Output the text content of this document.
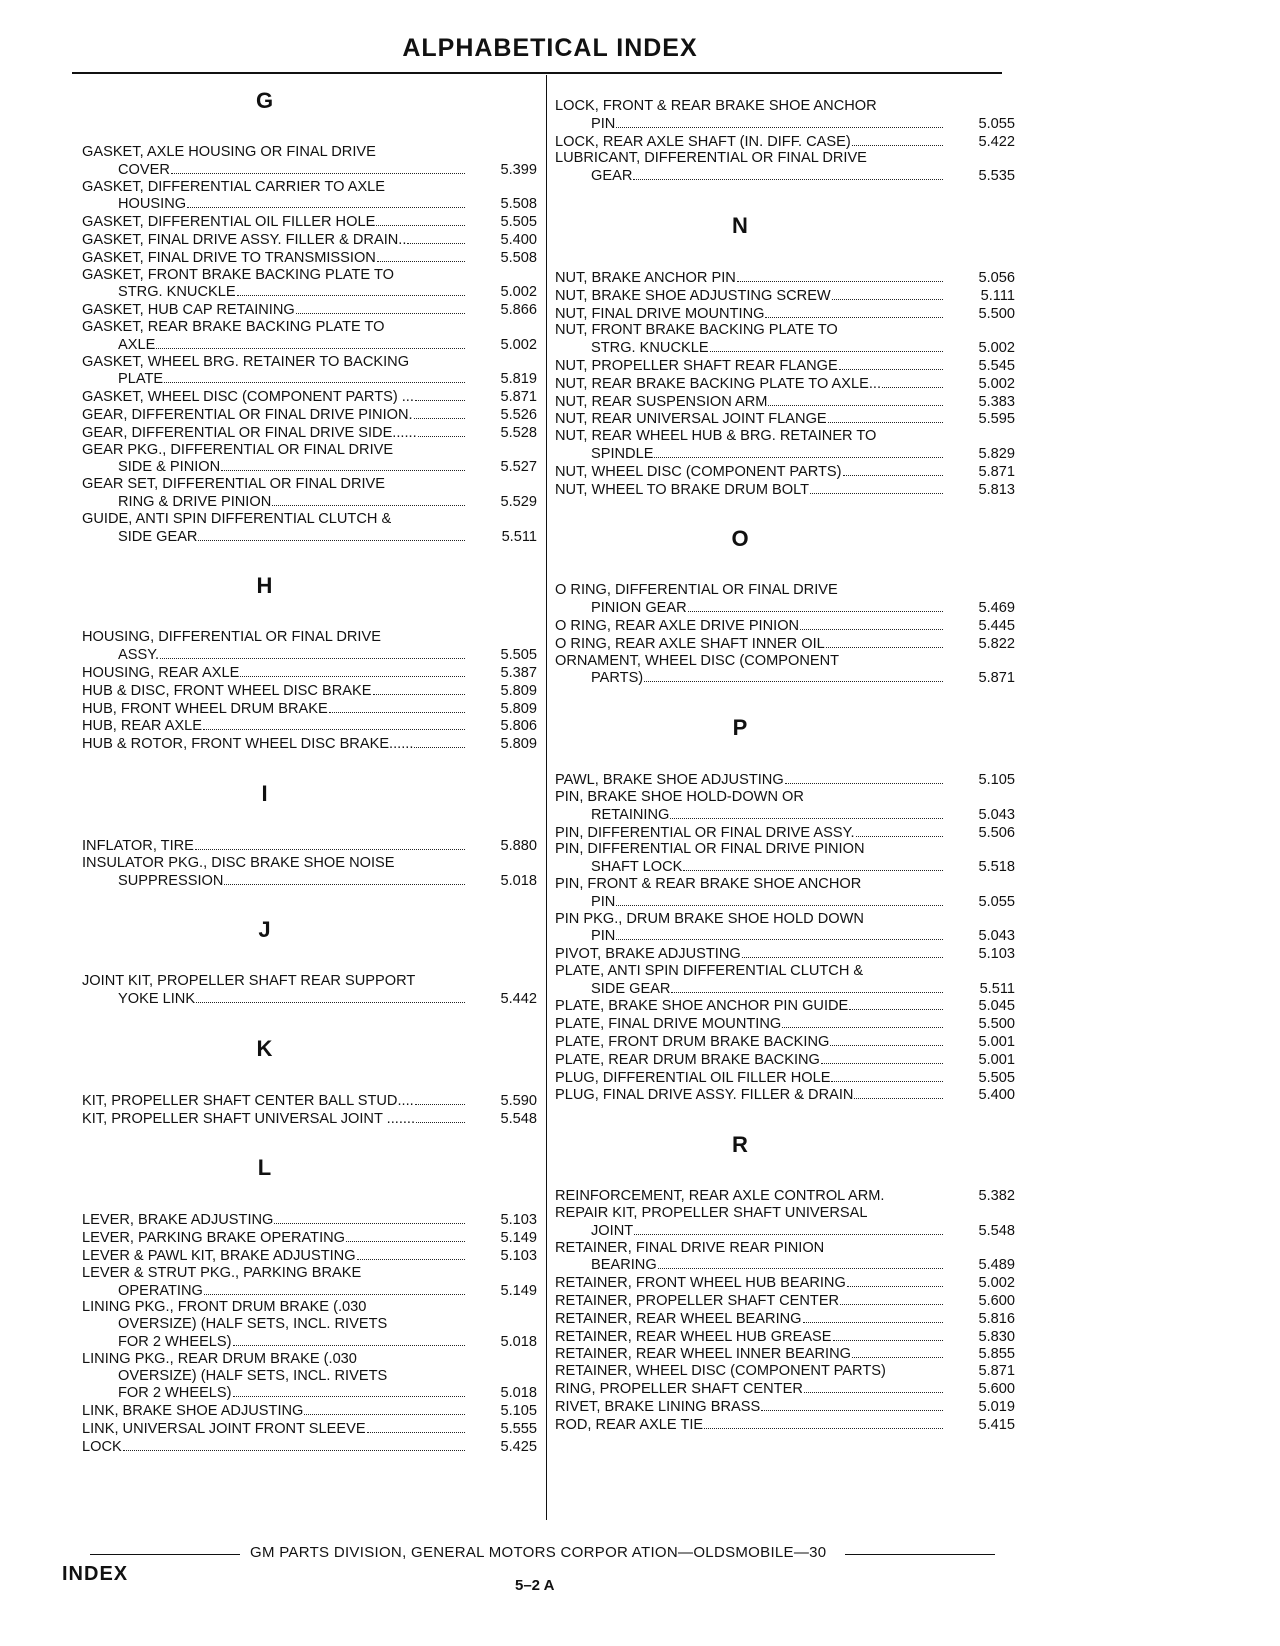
ALPHABETICAL INDEX
G
GASKET, AXLE HOUSING OR FINAL DRIVE
COVER	5.399
GASKET, DIFFERENTIAL CARRIER TO AXLE
HOUSING	5.508
GASKET, DIFFERENTIAL OIL FILLER HOLE	5.505
GASKET, FINAL DRIVE ASSY. FILLER & DRAIN..	5.400
GASKET, FINAL DRIVE TO TRANSMISSION	5.508
GASKET, FRONT BRAKE BACKING PLATE TO
STRG. KNUCKLE	5.002
GASKET, HUB CAP RETAINING	5.866
GASKET, REAR BRAKE BACKING PLATE TO
AXLE	5.002
GASKET, WHEEL BRG. RETAINER TO BACKING
PLATE	5.819
GASKET, WHEEL DISC (COMPONENT PARTS) ...	5.871
GEAR, DIFFERENTIAL OR FINAL DRIVE PINION.	5.526
GEAR, DIFFERENTIAL OR FINAL DRIVE SIDE......	5.528
GEAR PKG., DIFFERENTIAL OR FINAL DRIVE
SIDE & PINION	5.527
GEAR SET, DIFFERENTIAL OR FINAL DRIVE
RING & DRIVE PINION	5.529
GUIDE, ANTI SPIN DIFFERENTIAL CLUTCH &
SIDE GEAR	5.511
H
HOUSING, DIFFERENTIAL OR FINAL DRIVE
ASSY.	5.505
HOUSING, REAR AXLE	5.387
HUB & DISC, FRONT WHEEL DISC BRAKE	5.809
HUB, FRONT WHEEL DRUM BRAKE	5.809
HUB, REAR AXLE	5.806
HUB & ROTOR, FRONT WHEEL DISC BRAKE......	5.809
I
INFLATOR, TIRE	5.880
INSULATOR PKG., DISC BRAKE SHOE NOISE
SUPPRESSION	5.018
J
JOINT KIT, PROPELLER SHAFT REAR SUPPORT
YOKE LINK	5.442
K
KIT, PROPELLER SHAFT CENTER BALL STUD....	5.590
KIT, PROPELLER SHAFT UNIVERSAL JOINT .......	5.548
L
LEVER, BRAKE ADJUSTING	5.103
LEVER, PARKING BRAKE OPERATING	5.149
LEVER & PAWL KIT, BRAKE ADJUSTING	5.103
LEVER & STRUT PKG., PARKING BRAKE
OPERATING	5.149
LINING PKG., FRONT DRUM BRAKE (.030
OVERSIZE) (HALF SETS, INCL. RIVETS
FOR 2 WHEELS)	5.018
LINING PKG., REAR DRUM BRAKE (.030
OVERSIZE) (HALF SETS, INCL. RIVETS
FOR 2 WHEELS)	5.018
LINK, BRAKE SHOE ADJUSTING	5.105
LINK, UNIVERSAL JOINT FRONT SLEEVE	5.555
LOCK	5.425
LOCK, FRONT & REAR BRAKE SHOE ANCHOR
PIN	5.055
LOCK, REAR AXLE SHAFT (IN. DIFF. CASE)	5.422
LUBRICANT, DIFFERENTIAL OR FINAL DRIVE
GEAR	5.535
N
NUT, BRAKE ANCHOR PIN	5.056
NUT, BRAKE SHOE ADJUSTING SCREW	5.111
NUT, FINAL DRIVE MOUNTING	5.500
NUT, FRONT BRAKE BACKING PLATE TO
STRG. KNUCKLE	5.002
NUT, PROPELLER SHAFT REAR FLANGE	5.545
NUT, REAR BRAKE BACKING PLATE TO AXLE...	5.002
NUT, REAR SUSPENSION ARM	5.383
NUT, REAR UNIVERSAL JOINT FLANGE	5.595
NUT, REAR WHEEL HUB & BRG. RETAINER TO
SPINDLE	5.829
NUT, WHEEL DISC (COMPONENT PARTS)	5.871
NUT, WHEEL TO BRAKE DRUM BOLT	5.813
O
O RING, DIFFERENTIAL OR FINAL DRIVE
PINION GEAR	5.469
O RING, REAR AXLE DRIVE PINION	5.445
O RING, REAR AXLE SHAFT INNER OIL	5.822
ORNAMENT, WHEEL DISC (COMPONENT
PARTS)	5.871
P
PAWL, BRAKE SHOE ADJUSTING	5.105
PIN, BRAKE SHOE HOLD-DOWN OR
RETAINING	5.043
PIN, DIFFERENTIAL OR FINAL DRIVE ASSY.	5.506
PIN, DIFFERENTIAL OR FINAL DRIVE PINION
SHAFT LOCK	5.518
PIN, FRONT & REAR BRAKE SHOE ANCHOR
PIN	5.055
PIN PKG., DRUM BRAKE SHOE HOLD DOWN
PIN	5.043
PIVOT, BRAKE ADJUSTING	5.103
PLATE, ANTI SPIN DIFFERENTIAL CLUTCH &
SIDE GEAR	5.511
PLATE, BRAKE SHOE ANCHOR PIN GUIDE	5.045
PLATE, FINAL DRIVE MOUNTING	5.500
PLATE, FRONT DRUM BRAKE BACKING	5.001
PLATE, REAR DRUM BRAKE BACKING	5.001
PLUG, DIFFERENTIAL OIL FILLER HOLE	5.505
PLUG, FINAL DRIVE ASSY. FILLER & DRAIN	5.400
R
REINFORCEMENT, REAR AXLE CONTROL ARM.	5.382
REPAIR KIT, PROPELLER SHAFT UNIVERSAL
JOINT	5.548
RETAINER, FINAL DRIVE REAR PINION
BEARING	5.489
RETAINER, FRONT WHEEL HUB BEARING	5.002
RETAINER, PROPELLER SHAFT CENTER	5.600
RETAINER, REAR WHEEL BEARING	5.816
RETAINER, REAR WHEEL HUB GREASE	5.830
RETAINER, REAR WHEEL INNER BEARING	5.855
RETAINER, WHEEL DISC (COMPONENT PARTS)	5.871
RING, PROPELLER SHAFT CENTER	5.600
RIVET, BRAKE LINING BRASS	5.019
ROD, REAR AXLE TIE	5.415
GM PARTS DIVISION, GENERAL MOTORS CORPOR ATION—OLDSMOBILE—30
INDEX
5–2 A
